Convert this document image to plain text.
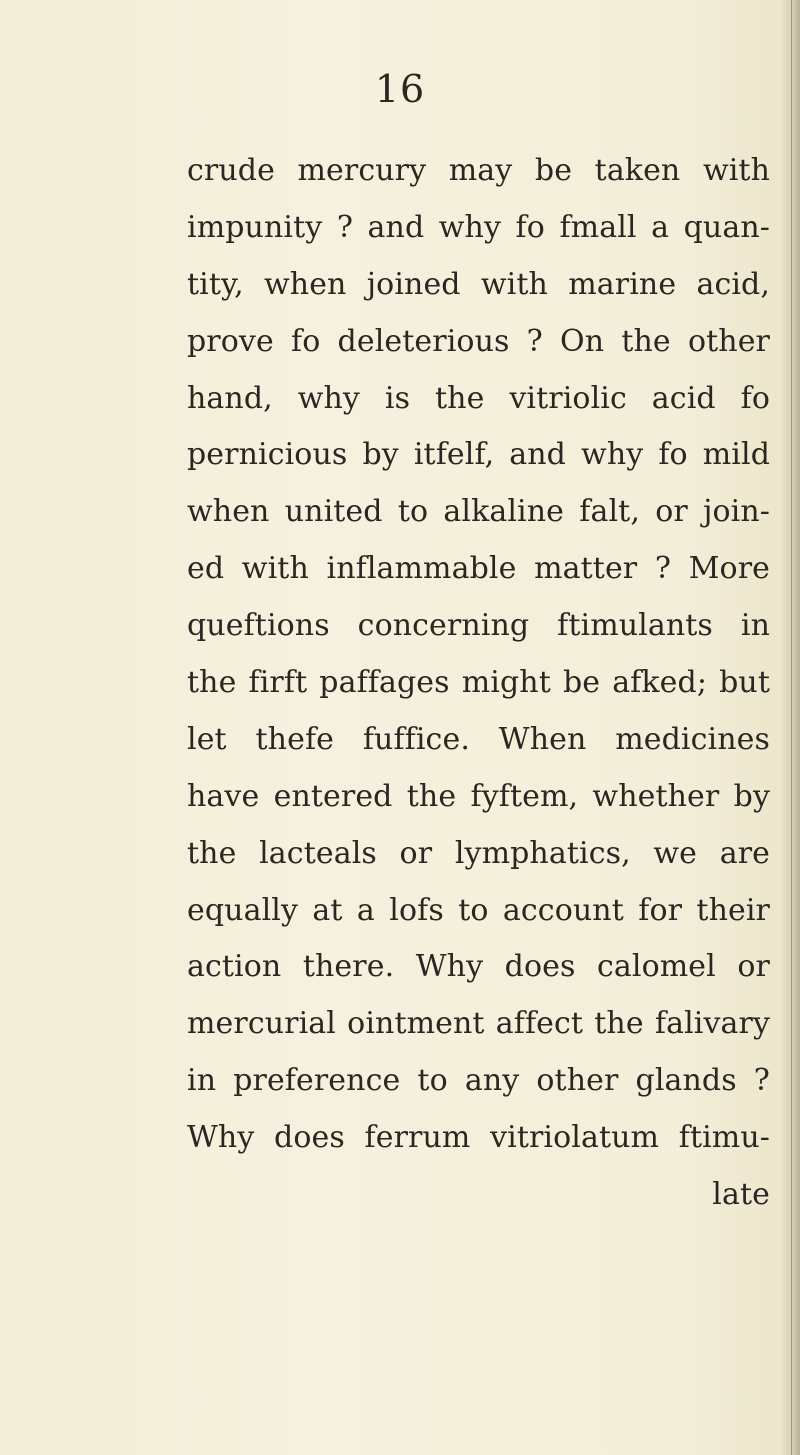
16
crude mercury may be taken with
impunity ? and why fo fmall a quan-
tity, when joined with marine acid,
prove fo deleterious ? On the other
hand, why is the vitriolic acid fo
pernicious by itfelf, and why fo mild
when united to alkaline falt, or join-
ed with inflammable matter ? More
queftions concerning ftimulants in
the firft paffages might be afked; but
let thefe fuffice. When medicines
have entered the fyftem, whether by
the lacteals or lymphatics, we are
equally at a lofs to account for their
action there. Why does calomel or
mercurial ointment affect the falivary
in preference to any other glands ?
Why does ferrum vitriolatum ftimu-
late
